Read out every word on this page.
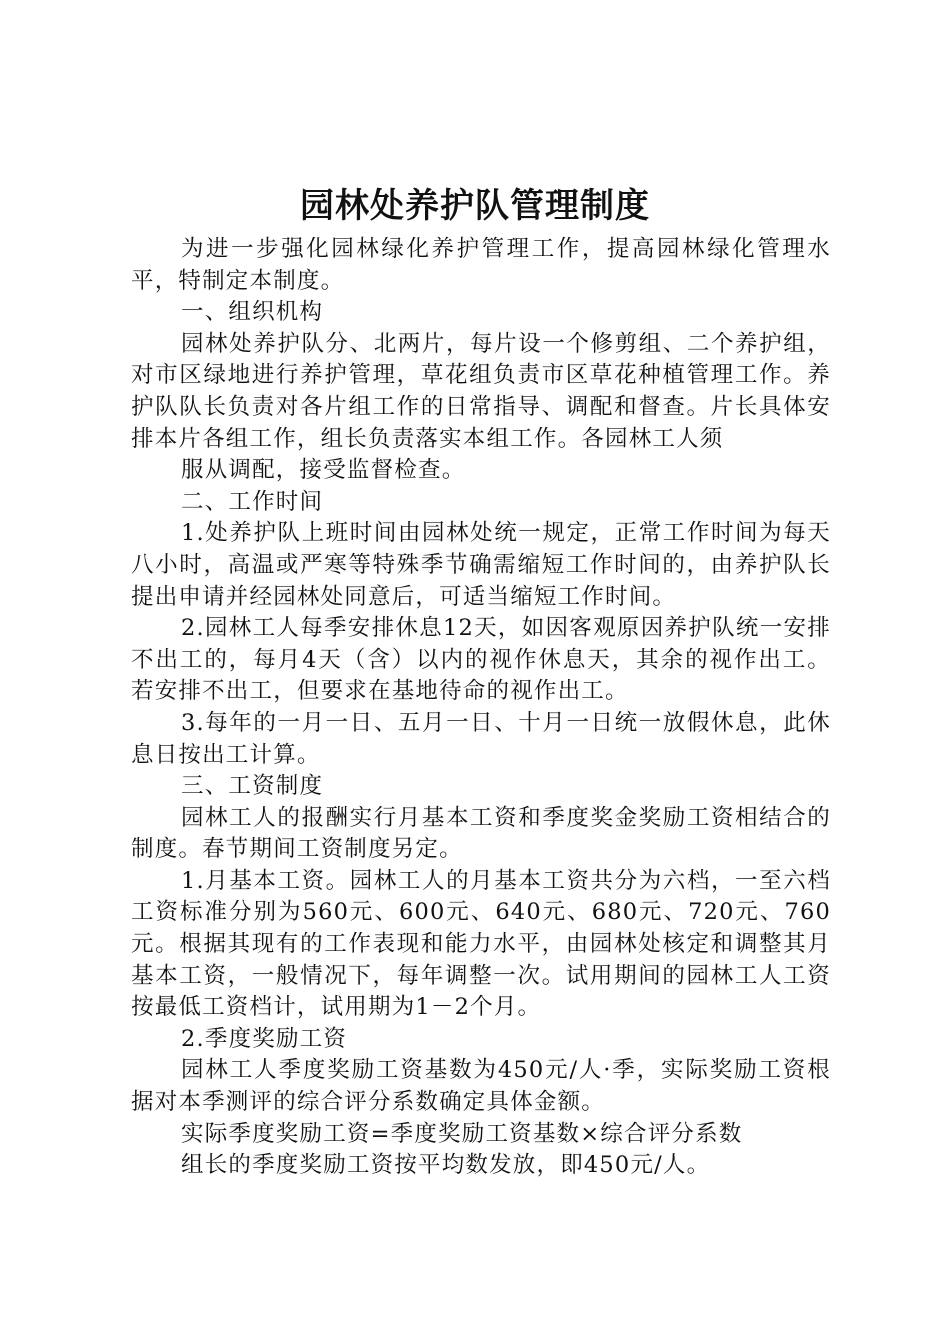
园林处养护队管理制度

为进一步强化园林绿化养护管理工作，提高园林绿化管理水平，特制定本制度。

一、组织机构

园林处养护队分、北两片，每片设一个修剪组、二个养护组，对市区绿地进行养护管理，草花组负责市区草花种植管理工作。养护队队长负责对各片组工作的日常指导、调配和督查。片长具体安排本片各组工作，组长负责落实本组工作。各园林工人须

服从调配，接受监督检查。

二、工作时间

1.处养护队上班时间由园林处统一规定，正常工作时间为每天八小时，高温或严寒等特殊季节确需缩短工作时间的，由养护队长提出申请并经园林处同意后，可适当缩短工作时间。

2.园林工人每季安排休息12天，如因客观原因养护队统一安排不出工的，每月4天（含）以内的视作休息天，其余的视作出工。若安排不出工，但要求在基地待命的视作出工。

3.每年的一月一日、五月一日、十月一日统一放假休息，此休息日按出工计算。

三、工资制度

园林工人的报酬实行月基本工资和季度奖金奖励工资相结合的制度。春节期间工资制度另定。

1.月基本工资。园林工人的月基本工资共分为六档，一至六档工资标准分别为560元、600元、640元、680元、720元、760元。根据其现有的工作表现和能力水平，由园林处核定和调整其月基本工资，一般情况下，每年调整一次。试用期间的园林工人工资按最低工资档计，试用期为1－2个月。

2.季度奖励工资

园林工人季度奖励工资基数为450元/人·季，实际奖励工资根据对本季测评的综合评分系数确定具体金额。

实际季度奖励工资=季度奖励工资基数×综合评分系数

组长的季度奖励工资按平均数发放，即450元/人。
